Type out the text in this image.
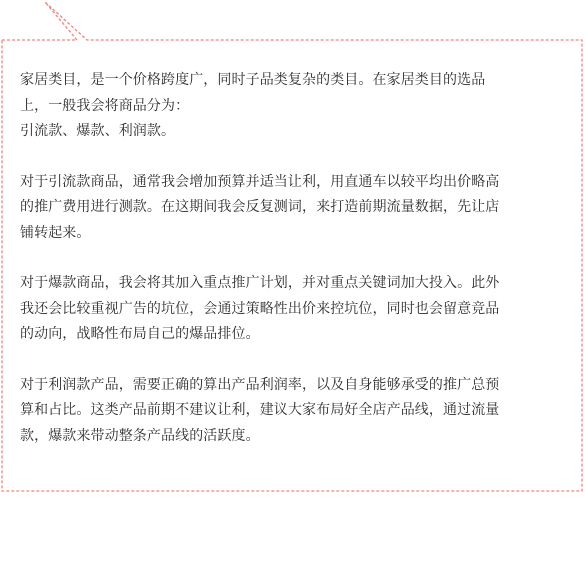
家居类目，是一个价格跨度广，同时子品类复杂的类目。在家居类目的选品
上，一般我会将商品分为：
引流款、爆款、利润款。

对于引流款商品，通常我会增加预算并适当让利，用直通车以较平均出价略高
的推广费用进行测款。在这期间我会反复测词，来打造前期流量数据，先让店
铺转起来。

对于爆款商品，我会将其加入重点推广计划，并对重点关键词加大投入。此外
我还会比较重视广告的坑位，会通过策略性出价来控坑位，同时也会留意竞品
的动向，战略性布局自己的爆品排位。

对于利润款产品，需要正确的算出产品利润率，以及自身能够承受的推广总预
算和占比。这类产品前期不建议让利，建议大家布局好全店产品线，通过流量
款，爆款来带动整条产品线的活跃度。
